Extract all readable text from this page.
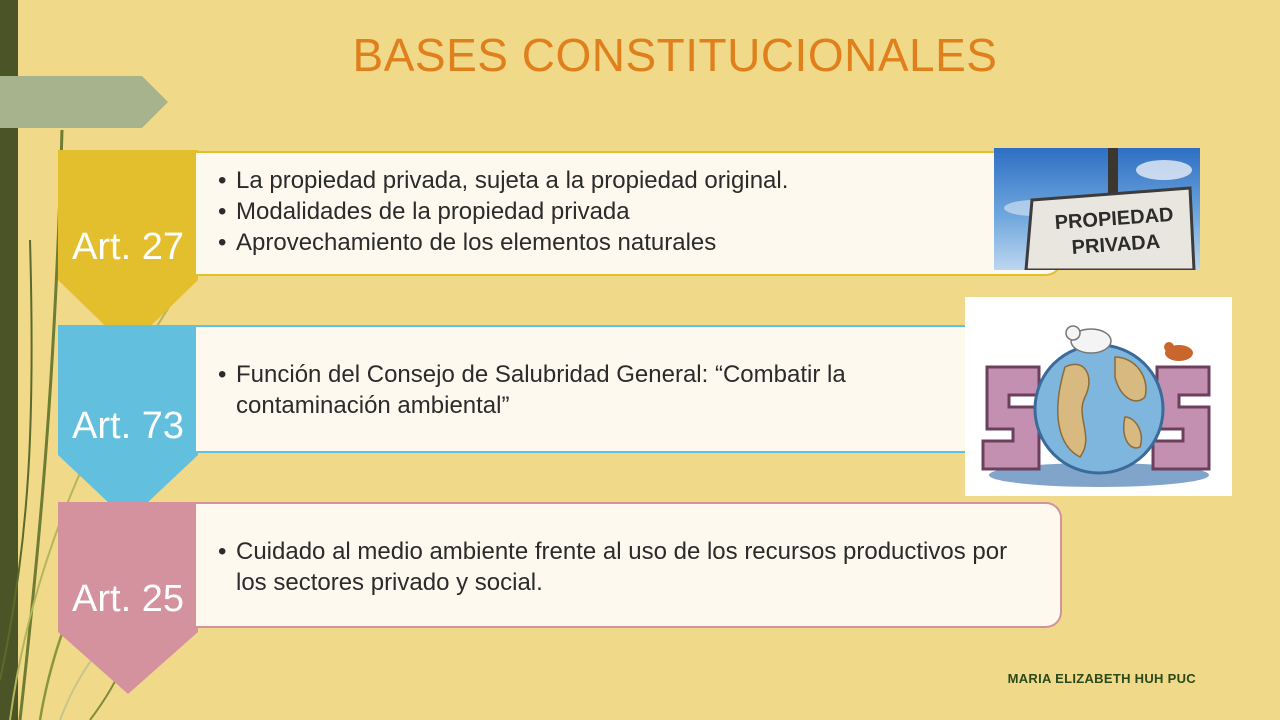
BASES CONSTITUCIONALES
Art. 27
• La propiedad privada, sujeta a la propiedad original.
• Modalidades de la propiedad privada
• Aprovechamiento de los elementos naturales
Art. 73
• Función del Consejo de Salubridad General: “Combatir la contaminación ambiental”
Art. 25
• Cuidado al medio ambiente frente al uso de los recursos productivos por los sectores privado y social.
PROPIEDAD PRIVADA
MARIA ELIZABETH HUH PUC
